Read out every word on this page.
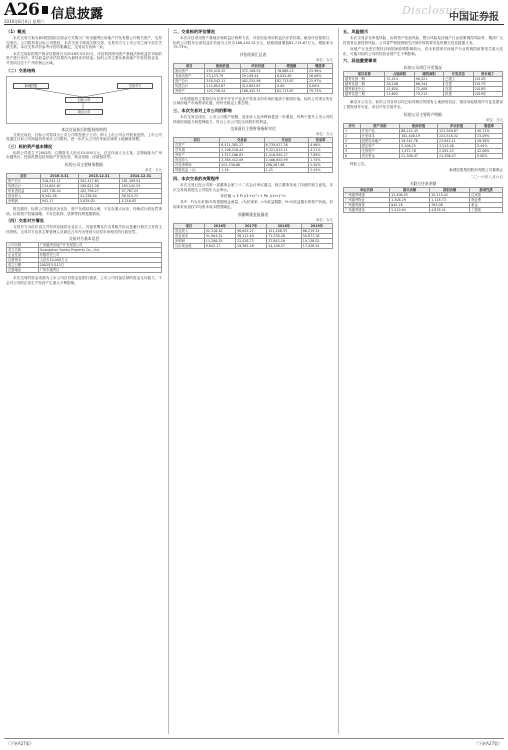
A26 信息披露
2016年8月6日 星期六
Disclosure
中国证券报
（1）概况
本次交易方案为新城控股拟以现金方式购买广州市越秀区房地产开发有限公司相关资产，交易完成后，公司将持有目标公司股权，本次交易不构成关联交易，交易对方与上市公司之间不存在关联关系。本次交易对价参考评估结果确定，交易双方协商一致。
本次交易标的资产的评估基准日为2016年3月31日，评估机构采用资产基础法和收益法对标的资产进行评估，并以收益法评估结果作为最终评估结论。标的公司主要从事房地产开发经营业务，开发项目位于广州市核心区域。
（二）交易结构
新城控股	交易对方
目标公司
项目公司
本次交易前后的股权结构图
交易完成后，目标公司将成为上市公司的控股子公司，纳入上市公司合并报表范围。上市公司将通过目标公司间接持有项目公司股权，进一步扩大公司在华南区域的土地储备规模。
（三）标的资产基本情况
标的公司成立于2003年，注册资本人民币10,000万元，法定代表人为王某，注册地址为广州市越秀区，经营范围包括房地产开发经营、物业管理、房屋租赁等。
标的公司主要财务数据
单位：万元
项目	2016.3.31	2015.12.31	2014.12.31
资产总计	318,542.11	302,417.65	281,309.54
负债合计	214,803.67	199,621.38	183,542.29
所有者权益	103,738.44	102,796.27	97,767.25
营业收入	8,542.36	41,238.90	36,519.72
净利润	942.17	5,029.02	4,216.83
报告期内，标的公司经营状况良好，资产负债结构合理，不存在重大诉讼、仲裁或行政处罚事项。标的资产权属清晰，不存在抵押、质押等权利受限情形。
（四）交易对方情况
交易对方为依法设立并有效存续的企业法人，具备签署本次交易相关协议及履行相关义务的主体资格。交易对方及其主要管理人员最近五年内未受到与证券市场相关的行政处罚。
交易对方基本信息
公司名称	广州越秀房地产开发有限公司
英文名称	Guangzhou Yuexiu Property Co., Ltd.
企业性质	有限责任公司
注册资本	人民币10,000万元
成立日期	2003年5月12日
注册地址	广州市越秀区
本次交易的资金来源为上市公司自有资金及银行借款，上市公司具备足够的资金支付能力，不会对公司的正常生产经营产生重大不利影响。
二、交易标的评估情况
本次评估采用资产基础法和收益法两种方法，评估结论采用收益法评估结果。截至评估基准日，标的公司股东全部权益评估值为人民币186,452.31万元，较账面值增值82,713.87万元，增值率为79.73%。
评估结果汇总表
单位：万元
项目	账面价值	评估价值	增值额	增值率
流动资产	295,418.32	372,106.54	76,688.22	25.96%
非流动资产	23,123.79	29,149.44	6,025.65	26.06%
资产总计	318,542.11	401,255.98	82,713.87	25.97%
负债合计	214,803.67	214,803.67	0.00	0.00%
净资产	103,738.44	186,452.31	82,713.87	79.73%
评估增值的主要原因为存货中开发产品及开发成本的市场价值高于账面价值。标的公司项目所在区域房地产市场需求旺盛，房价呈稳定上涨态势。
三、本次交易对上市公司的影响
本次交易完成后，上市公司资产规模、营业收入及净利润将进一步增加，有利于提升上市公司的持续经营能力和盈利能力，符合上市公司及全体股东的利益。
交易前后主要财务指标对比
单位：万元
项目	交易前	交易后	变动率
总资产	6,421,385.27	6,739,927.38	4.96%
总负债	5,106,218.44	5,321,022.11	4.21%
净资产	1,315,166.83	1,418,905.27	7.89%
营业收入	2,365,412.09	2,406,650.99	1.74%
归母净利润	201,538.66	206,567.68	2.50%
每股收益（元）	1.18	1.21	2.54%
四、本次交易的决策程序
本次交易已经公司第一届董事会第三十二次会议审议通过，独立董事发表了同意的独立意见。本次交易尚需提交公司股东大会审议。
评估值 = Σ Fi /(1+r)^i + Pn /(1+r)^n
其中：Fi为未来第i年的预期现金流量，r为折现率，n为收益期限，Pn为收益期末的资产价值。折现率采用加权平均资本成本模型确定。
预测期现金流量表
单位：万元
项目	2016年	2017年	2018年	2019年
营业收入	52,318.40	98,645.27	121,408.33	86,219.54
营业成本	31,904.22	58,112.49	71,530.26	50,877.18
净利润	11,206.35	22,418.73	27,842.16	19,136.02
自由现金流	9,842.17	19,365.28	24,108.57	17,428.91
五、风险提示
本次交易存在审批风险、标的资产估值风险、整合风险及房地产行业政策调控风险等，敬请广大投资者注意投资风险。公司将严格按照相关法律法规的要求及时履行信息披露义务。
房地产行业受宏观经济和国家政策影响较大，若未来国家对房地产行业的调控政策发生重大变化，可能对标的公司的经营业绩产生不利影响。
六、其他重要事项
标的公司项目开发情况
项目名称	占地面积	建筑面积	开发状态	预计竣工
越秀花园一期	32,415	98,521	已竣工	2014年
越秀花园二期	28,106	86,344	在建	2017年
越秀商业中心	15,820	72,408	在建	2018年
越秀花园三期	24,692	79,215	拟建	2019年
截至本公告日，标的公司各项目均已取得相应的国有土地使用权证、建设用地规划许可证及建设工程规划许可证，项目开发手续齐全。
标的公司主要资产明细
单位：万元
序号	资产名称	账面价值	评估价值	增值率
1	开发产品	86,215.43	121,309.87	40.71%
2	开发成本	182,406.19	224,518.32	23.09%
3	投资性房地产	18,542.76	23,842.11	28.58%
4	固定资产	3,108.25	3,215.08	3.44%
5	无形资产	1,472.78	2,092.25	42.06%
6	货币资金	21,306.47	21,306.47	0.00%
特此公告。
新城控股集团股份有限公司董事会
二〇一六年八月六日
关联方往来余额
单位名称	期末余额	期初余额	款项性质
广州越秀城建	12,408.55	10,215.42	往来款
广州越秀物业	1,306.29	1,118.73	物业费
广州越秀商管	842.16	763.08	租金
广州越秀建设	5,219.84	4,876.51	工程款
（下转A27版）	（下转A27版）
